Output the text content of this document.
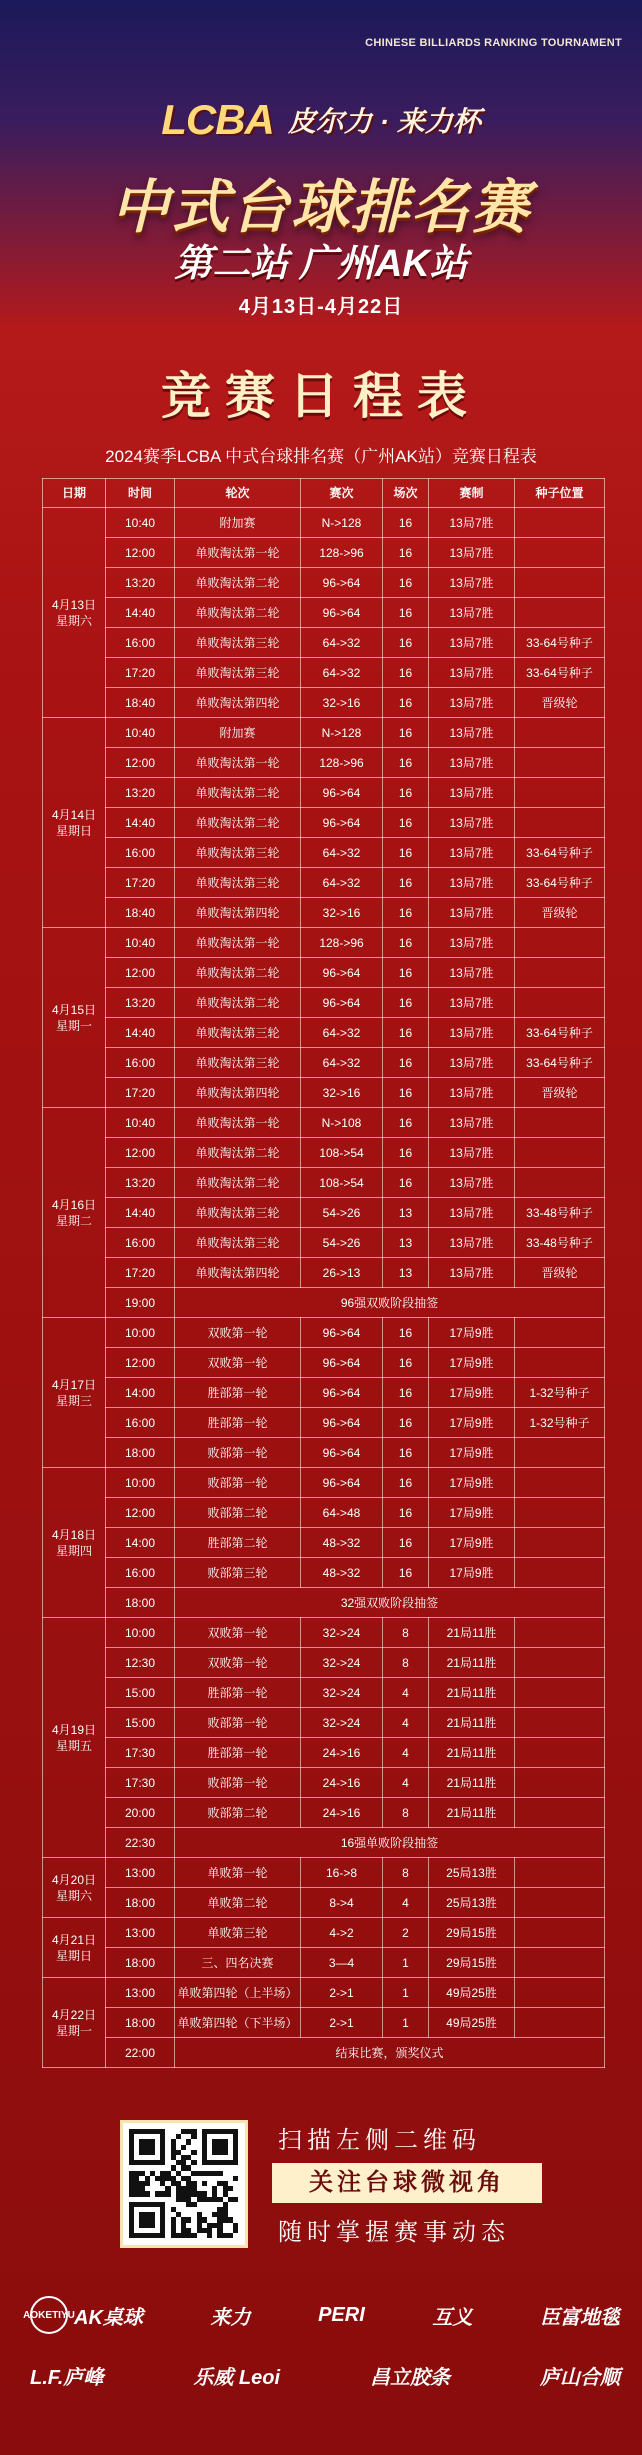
CHINESE BILLIARDS RANKING TOURNAMENT
LCBA 皮尔力 · 来力杯
中式台球排名赛
第二站 广州AK站
4月13日-4月22日
竞赛日程表
2024赛季LCBA 中式台球排名赛（广州AK站）竞赛日程表
日期	时间	轮次	赛次	场次	赛制	种子位置

4月13日
星期六	10:40	附加赛	N->128	16	13局7胜	
	12:00	单败淘汰第一轮	128->96	16	13局7胜	
	13:20	单败淘汰第二轮	96->64	16	13局7胜	
	14:40	单败淘汰第二轮	96->64	16	13局7胜	
	16:00	单败淘汰第三轮	64->32	16	13局7胜	33-64号种子
	17:20	单败淘汰第三轮	64->32	16	13局7胜	33-64号种子
	18:40	单败淘汰第四轮	32->16	16	13局7胜	晋级轮

4月14日
星期日	10:40	附加赛	N->128	16	13局7胜	
	12:00	单败淘汰第一轮	128->96	16	13局7胜	
	13:20	单败淘汰第二轮	96->64	16	13局7胜	
	14:40	单败淘汰第二轮	96->64	16	13局7胜	
	16:00	单败淘汰第三轮	64->32	16	13局7胜	33-64号种子
	17:20	单败淘汰第三轮	64->32	16	13局7胜	33-64号种子
	18:40	单败淘汰第四轮	32->16	16	13局7胜	晋级轮

4月15日
星期一	10:40	单败淘汰第一轮	128->96	16	13局7胜	
	12:00	单败淘汰第二轮	96->64	16	13局7胜	
	13:20	单败淘汰第二轮	96->64	16	13局7胜	
	14:40	单败淘汰第三轮	64->32	16	13局7胜	33-64号种子
	16:00	单败淘汰第三轮	64->32	16	13局7胜	33-64号种子
	17:20	单败淘汰第四轮	32->16	16	13局7胜	晋级轮

4月16日
星期二	10:40	单败淘汰第一轮	N->108	16	13局7胜	
	12:00	单败淘汰第二轮	108->54	16	13局7胜	
	13:20	单败淘汰第二轮	108->54	16	13局7胜	
	14:40	单败淘汰第三轮	54->26	13	13局7胜	33-48号种子
	16:00	单败淘汰第三轮	54->26	13	13局7胜	33-48号种子
	17:20	单败淘汰第四轮	26->13	13	13局7胜	晋级轮
	19:00	96强双败阶段抽签				

4月17日
星期三	10:00	双败第一轮	96->64	16	17局9胜	
	12:00	双败第一轮	96->64	16	17局9胜	
	14:00	胜部第一轮	96->64	16	17局9胜	1-32号种子
	16:00	胜部第一轮	96->64	16	17局9胜	1-32号种子
	18:00	败部第一轮	96->64	16	17局9胜	

4月18日
星期四	10:00	败部第一轮	96->64	16	17局9胜	
	12:00	败部第二轮	64->48	16	17局9胜	
	14:00	胜部第二轮	48->32	16	17局9胜	
	16:00	败部第三轮	48->32	16	17局9胜	
	18:00	32强双败阶段抽签				

4月19日
星期五	10:00	双败第一轮	32->24	8	21局11胜	
	12:30	双败第一轮	32->24	8	21局11胜	
	15:00	胜部第一轮	32->24	4	21局11胜	
	15:00	败部第一轮	32->24	4	21局11胜	
	17:30	胜部第一轮	24->16	4	21局11胜	
	17:30	败部第一轮	24->16	4	21局11胜	
	20:00	败部第二轮	24->16	8	21局11胜	
	22:30	16强单败阶段抽签				

4月20日
星期六	13:00	单败第一轮	16->8	8	25局13胜	
	18:00	单败第二轮	8->4	4	25局13胜	

4月21日
星期日	13:00	单败第三轮	4->2	2	29局15胜	
	18:00	三、四名决赛	3—4	1	29局15胜	

4月22日
星期一	13:00	单败第四轮（上半场）	2->1	1	49局25胜	
	18:00	单败第四轮（下半场）	2->1	1	49局25胜	
	22:00	结束比赛，颁奖仪式				
扫描左侧二维码
关注台球微视角
随时掌握赛事动态
AOKETIYU AK桌球	来力	PERI	互义	臣富地毯
L.F.庐峰	乐威 Leoi	昌立胶条	庐山合顺
